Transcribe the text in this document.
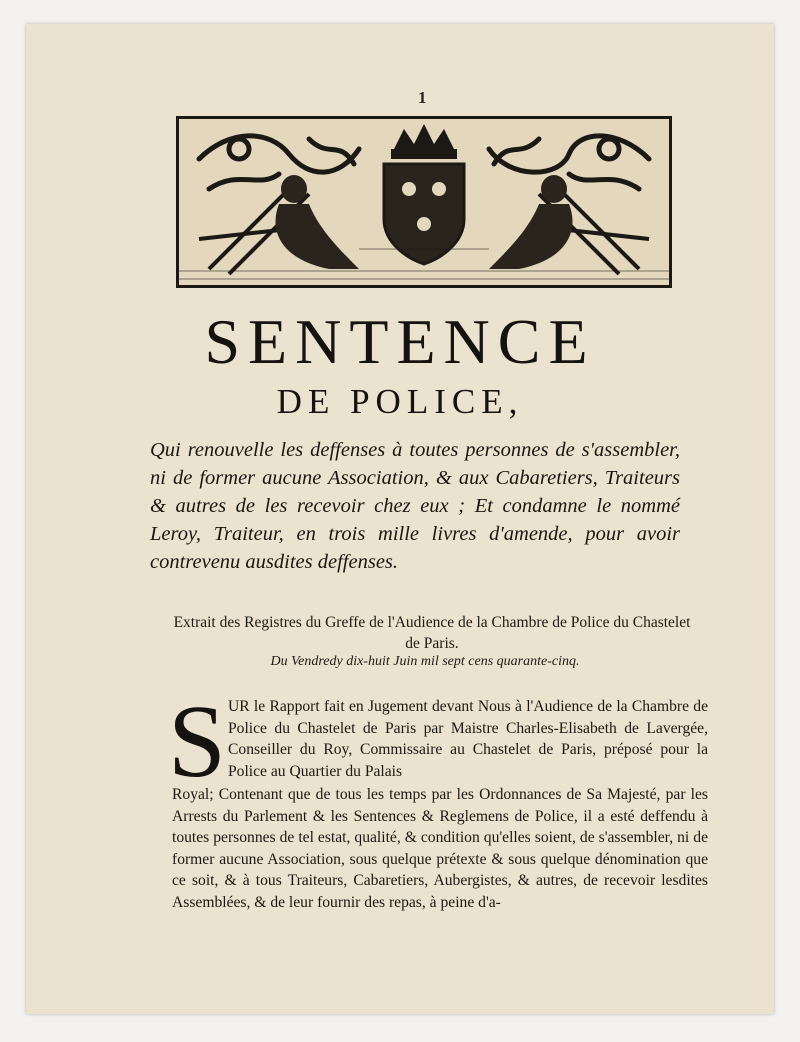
1
SENTENCE
DE POLICE,
Qui renouvelle les deffenses à toutes personnes de s'assembler, ni de former aucune Association, & aux Cabaretiers, Traiteurs & autres de les recevoir chez eux ; Et condamne le nommé Leroy, Traiteur, en trois mille livres d'amende, pour avoir contrevenu ausdites deffenses.
Extrait des Registres du Greffe de l'Audience de la Chambre de Police du Chastelet de Paris.
Du Vendredy dix-huit Juin mil sept cens quarante-cinq.
S UR le Rapport fait en Jugement devant Nous à l'Audience de la Chambre de Police du Chastelet de Paris par Maistre Charles-Elisabeth de Lavergée, Conseiller du Roy, Commissaire au Chastelet de Paris, préposé pour la Police au Quartier du Palais
Royal; Contenant que de tous les temps par les Ordonnances de Sa Majesté, par les Arrests du Parlement & les Sentences & Reglemens de Police, il a esté deffendu à toutes personnes de tel estat, qualité, & condition qu'elles soient, de s'assembler, ni de former aucune Association, sous quelque prétexte & sous quelque dénomination que ce soit, & à tous Traiteurs, Cabaretiers, Aubergistes, & autres, de recevoir lesdites Assemblées, & de leur fournir des repas, à peine d'a-
